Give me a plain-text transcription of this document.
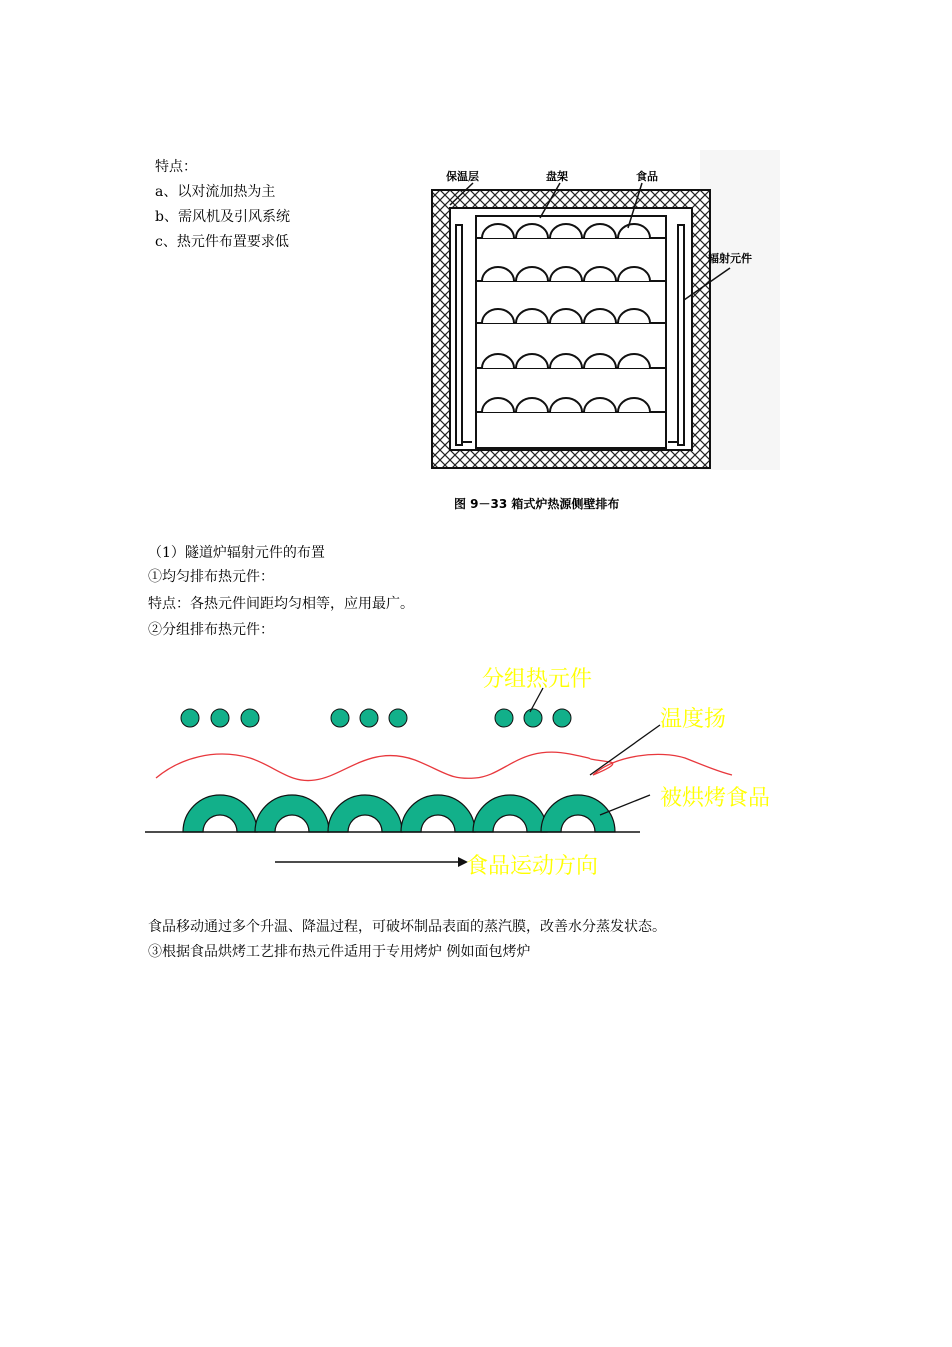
特点：
a、以对流加热为主
b、需风机及引风系统
c、热元件布置要求低
保温层	盘架	食品
辐射元件
图 9－33 箱式炉热源侧壁排布
（1）隧道炉辐射元件的布置
①均匀排布热元件：
特点：各热元件间距均匀相等，应用最广。
②分组排布热元件：
分组热元件
温度扬
被烘烤食品
食品运动方向
食品移动通过多个升温、降温过程，可破坏制品表面的蒸汽膜，改善水分蒸发状态。
③根据食品烘烤工艺排布热元件适用于专用烤炉 例如面包烤炉
